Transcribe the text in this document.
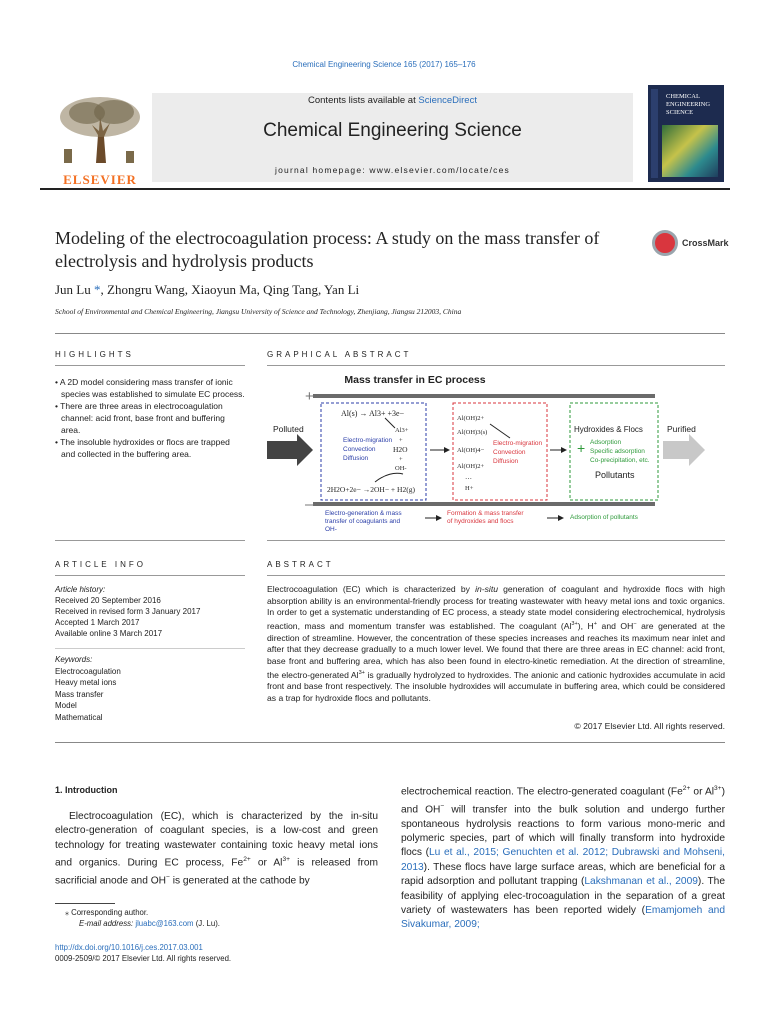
Chemical Engineering Science 165 (2017) 165–176
ELSEVIER
Contents lists available at ScienceDirect
Chemical Engineering Science
journal homepage: www.elsevier.com/locate/ces
CHEMICAL
ENGINEERING
SCIENCE
Modeling of the electrocoagulation process: A study on the mass transfer of electrolysis and hydrolysis products
CrossMark
Jun Lu *, Zhongru Wang, Xiaoyun Ma, Qing Tang, Yan Li
School of Environmental and Chemical Engineering, Jiangsu University of Science and Technology, Zhenjiang, Jiangsu 212003, China
HIGHLIGHTS
• A 2D model considering mass transfer of ionic species was established to simulate EC process.
• There are three areas in electrocoagulation channel: acid front, base front and buffering area.
• The insoluble hydroxides or flocs are trapped and collected in the buffering area.
GRAPHICAL ABSTRACT
Mass transfer in EC process
+
–
Polluted	Purified
Al(s) → Al3+ +3e−
Al3+
+
H2O
+
OH-
Electro-migration
Convection
Diffusion
2H2O+2e− →2OH− + H2(g)
Al(OH)2+
Al(OH)3(s)
Al(OH)4−
Al(OH)2+
…
H+
Electro-migration
Convection
Diffusion
Hydroxides & Flocs
+ Adsorption
Specific adsorption
Co-precipitation, etc.
Pollutants
Electro-generation & mass transfer of coagulants and OH-
Formation & mass transfer of hydroxides and flocs
Adsorption of pollutants
ARTICLE INFO
Article history:
Received 20 September 2016
Received in revised form 3 January 2017
Accepted 1 March 2017
Available online 3 March 2017
Keywords:
Electrocoagulation
Heavy metal ions
Mass transfer
Model
Mathematical
ABSTRACT
Electrocoagulation (EC) which is characterized by in-situ generation of coagulant and hydroxide flocs with high absorption ability is an environmental-friendly process for treating wastewater with heavy metal ions and toxic organics. In order to get a systematic understanding of EC process, a steady state model considering electrochemical, hydrolysis reaction, mass and momentum transfer was established. The coagulant $(Al^{3+})$, H+ and OH− are generated at the direction of streamline. However, the concentration of these species increases and reaches its maximum near inlet and after that they decrease gradually to a much lower level. We found that there are three areas in EC channel: acid front, base front and buffering area, which has also been found in electro-kinetic remediation. At the direction of streamline, the electro-generated $Al^{3+}$ is gradually hydrolyzed to hydroxides. The anionic and cationic hydroxides accumulate in acid front and base front respectively. The insoluble hydroxides will accumulate in buffering area, which could be considered as a trap for hydroxide flocs and pollutants.
© 2017 Elsevier Ltd. All rights reserved.
1. Introduction
Electrocoagulation (EC), which is characterized by the in-situ electro-generation of coagulant species, is a low-cost and green technology for treating wastewater containing toxic heavy metal ions and organics. During EC process, $Fe^{2+}$ or $Al^{3+}$ is released from sacrificial anode and OH− is generated at the cathode by
electrochemical reaction. The electro-generated coagulant ($Fe^{2+}$ or $Al^{3+}$) and OH− will transfer into the bulk solution and undergo further spontaneous hydrolysis reactions to form various mono-meric and polymeric species, part of which will finally transform into hydroxide flocs (Lu et al., 2015; Genuchten et al. 2012; Dubrawski and Mohseni, 2013). These flocs have large surface areas, which are beneficial for a rapid adsorption and pollutant trapping (Lakshmanan et al., 2009). The feasibility of applying elec-trocoagulation in the separation of a great variety of wastewaters has been reported widely (Emamjomeh and Sivakumar, 2009;
⁎ Corresponding author.
E-mail address: jluabc@163.com (J. Lu).
http://dx.doi.org/10.1016/j.ces.2017.03.001
0009-2509/© 2017 Elsevier Ltd. All rights reserved.
